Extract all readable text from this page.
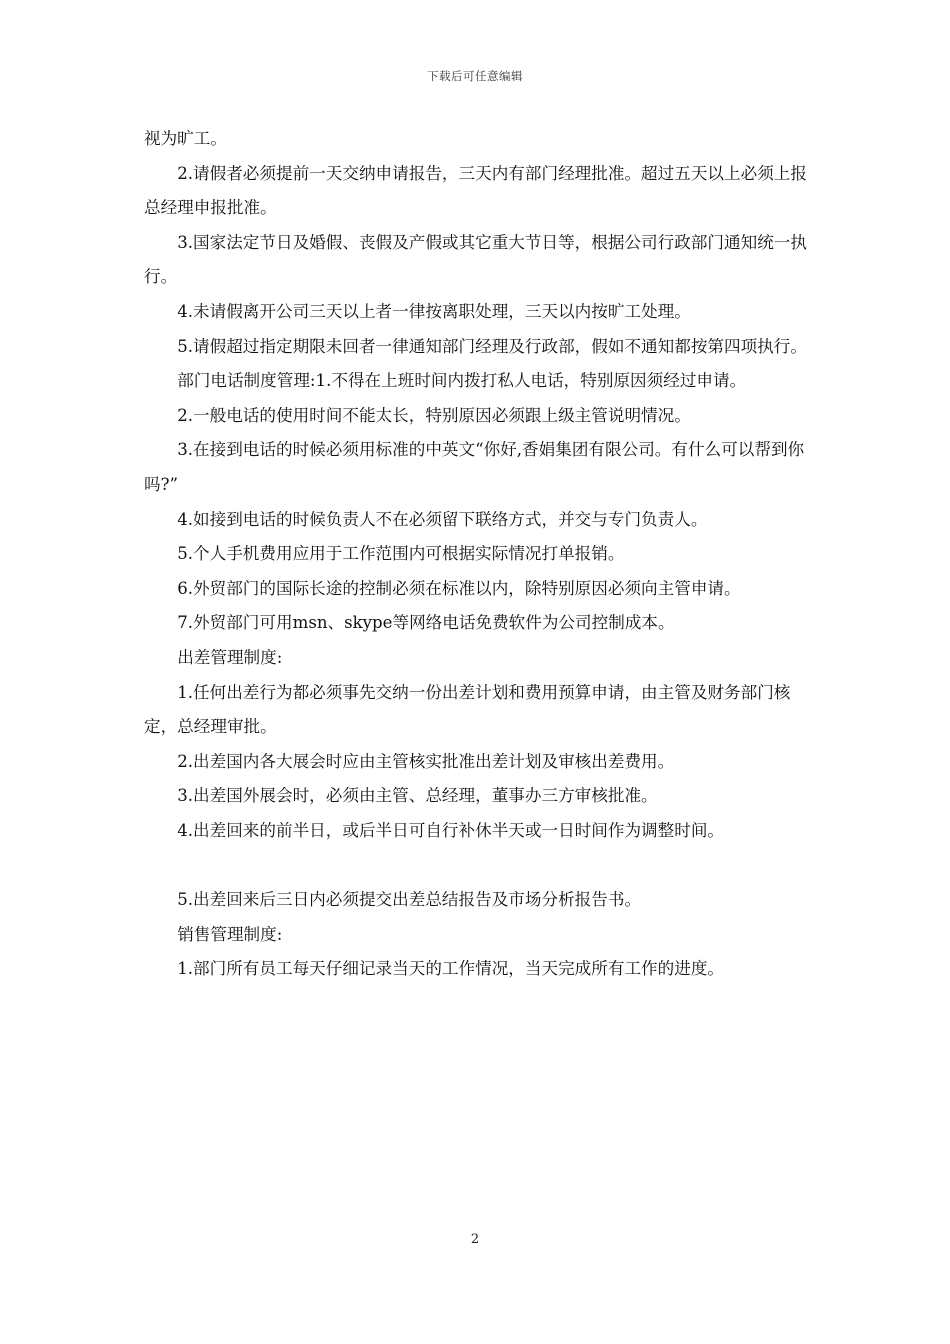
下载后可任意编辑

视为旷工。

2.请假者必须提前一天交纳申请报告，三天内有部门经理批准。超过五天以上必须上报总经理申报批准。

3.国家法定节日及婚假、丧假及产假或其它重大节日等，根据公司行政部门通知统一执行。

4.未请假离开公司三天以上者一律按离职处理，三天以内按旷工处理。

5.请假超过指定期限未回者一律通知部门经理及行政部，假如不通知都按第四项执行。

部门电话制度管理:1.不得在上班时间内拨打私人电话，特别原因须经过申请。

2.一般电话的使用时间不能太长，特别原因必须跟上级主管说明情况。

3.在接到电话的时候必须用标准的中英文“你好,香娟集团有限公司。有什么可以帮到你吗?”

4.如接到电话的时候负责人不在必须留下联络方式，并交与专门负责人。

5.个人手机费用应用于工作范围内可根据实际情况打单报销。

6.外贸部门的国际长途的控制必须在标准以内，除特别原因必须向主管申请。

7.外贸部门可用msn、skype等网络电话免费软件为公司控制成本。

出差管理制度:

1.任何出差行为都必须事先交纳一份出差计划和费用预算申请，由主管及财务部门核定，总经理审批。

2.出差国内各大展会时应由主管核实批准出差计划及审核出差费用。

3.出差国外展会时，必须由主管、总经理，董事办三方审核批准。

4.出差回来的前半日，或后半日可自行补休半天或一日时间作为调整时间。

5.出差回来后三日内必须提交出差总结报告及市场分析报告书。

销售管理制度:

1.部门所有员工每天仔细记录当天的工作情况，当天完成所有工作的进度。

2
